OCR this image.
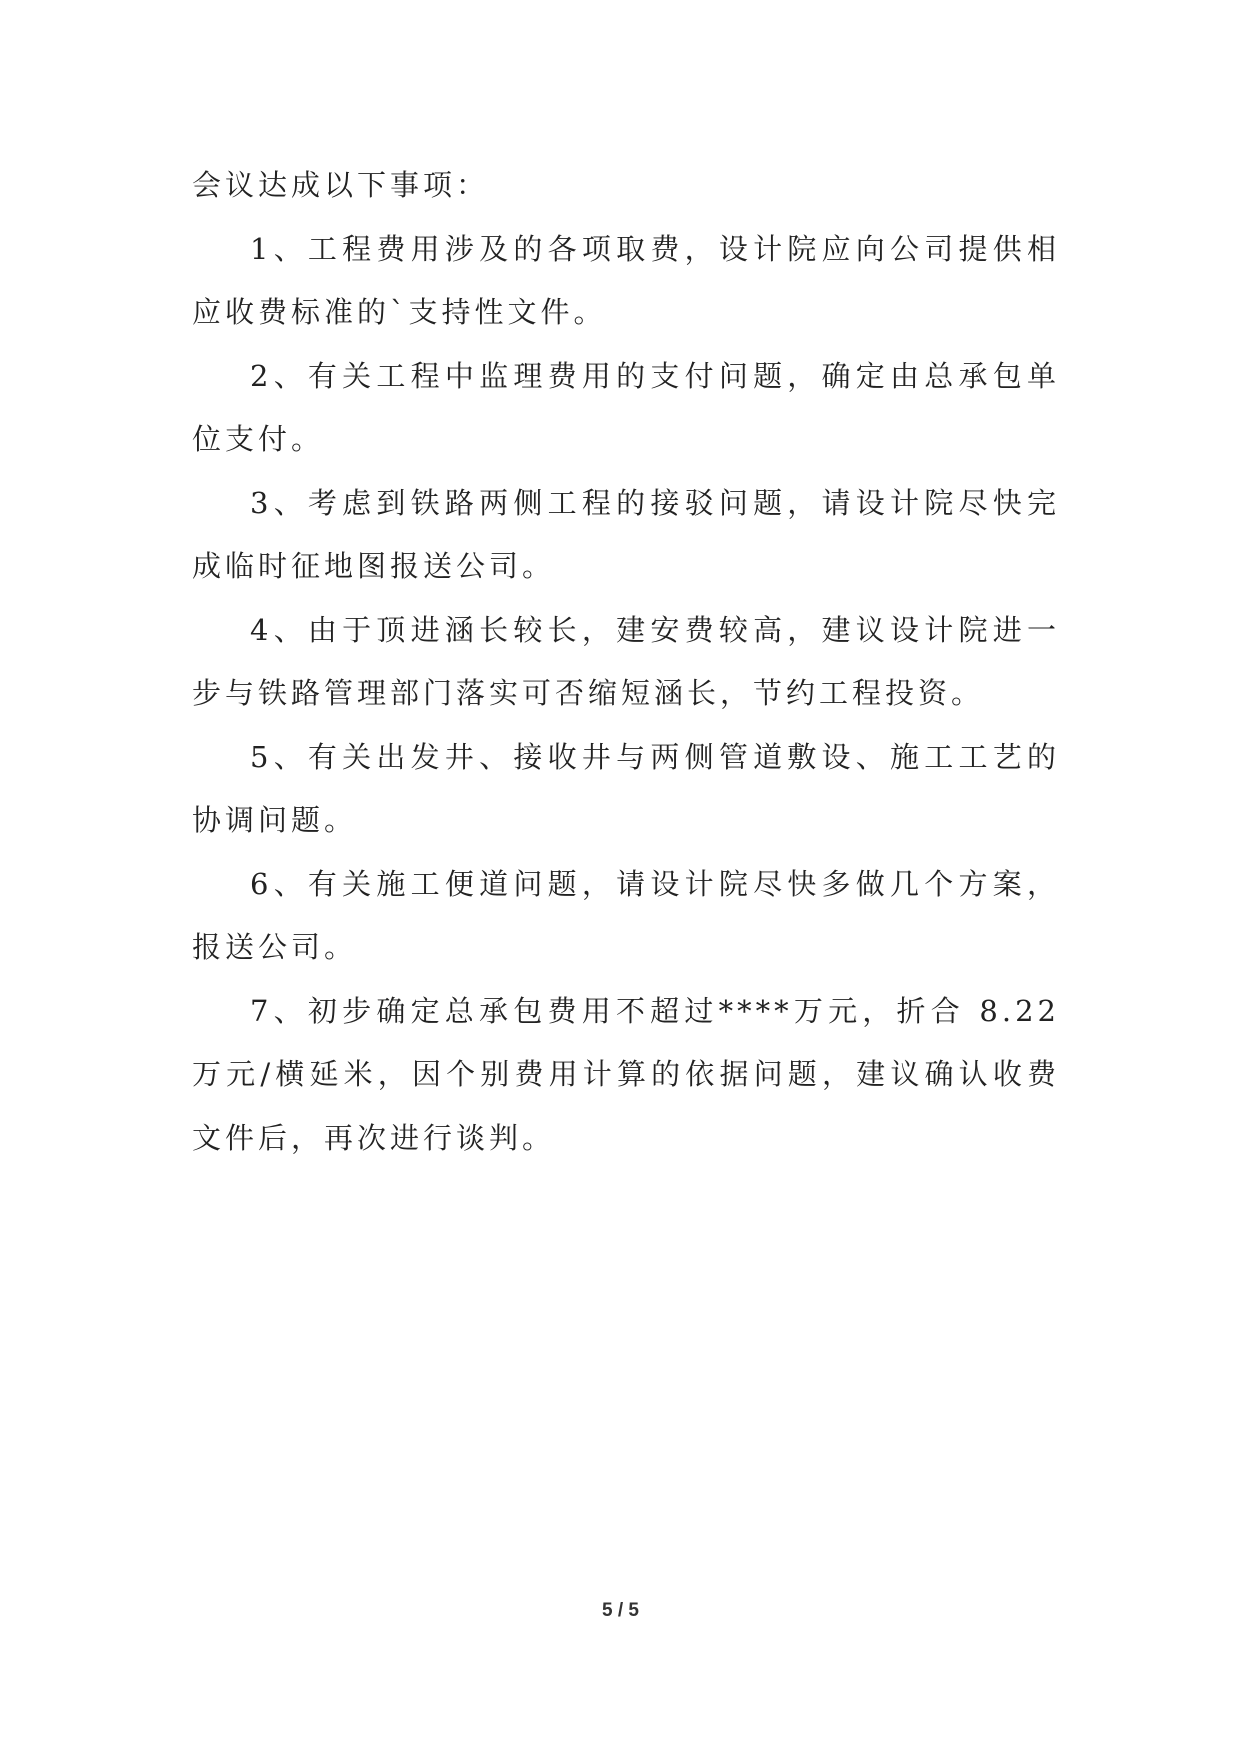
会议达成以下事项：

1、工程费用涉及的各项取费，设计院应向公司提供相应收费标准的`支持性文件。

2、有关工程中监理费用的支付问题，确定由总承包单位支付。

3、考虑到铁路两侧工程的接驳问题，请设计院尽快完成临时征地图报送公司。

4、由于顶进涵长较长，建安费较高，建议设计院进一步与铁路管理部门落实可否缩短涵长，节约工程投资。

5、有关出发井、接收井与两侧管道敷设、施工工艺的协调问题。

6、有关施工便道问题，请设计院尽快多做几个方案，报送公司。

7、初步确定总承包费用不超过****万元，折合 8.22 万元/横延米，因个别费用计算的依据问题，建议确认收费文件后，再次进行谈判。

5 / 5
